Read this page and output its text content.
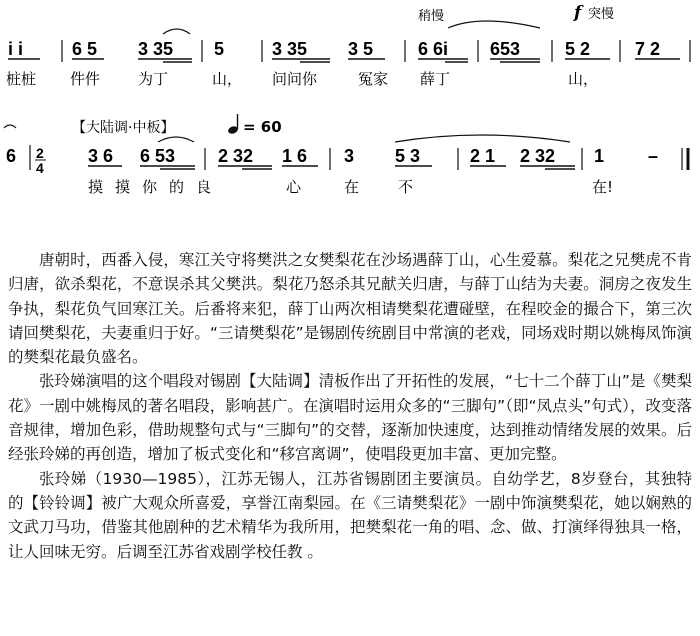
i i	6 5 3 35 5	3 35 3 5
稍慢
6 6i 653
f 突慢
5 2 7 2
桩桩 件件	为丁	山， 问问你	冤家 薛丁	山，
6 2
4
【大陆调·中板】	= 60
3 6 6 53 2 32 1 6 3 5 3	2 1 2 32 1 –
摸摸你的良	心	在	不	在!

唐朝时，西番入侵，寒江关守将樊洪之女樊梨花在沙场遇薛丁山，心生爱慕。梨花之兄樊虎不肯归唐，欲杀梨花，不意误杀其父樊洪。梨花乃怒杀其兄献关归唐，与薛丁山结为夫妻。洞房之夜发生争执，梨花负气回寒江关。后番将来犯，薛丁山两次相请樊梨花遭碰壁，在程咬金的撮合下，第三次请回樊梨花，夫妻重归于好。“三请樊梨花”是锡剧传统剧目中常演的老戏，同场戏时期以姚梅凤饰演的樊梨花最负盛名。

张玲娣演唱的这个唱段对锡剧【大陆调】清板作出了开拓性的发展，“七十二个薛丁山”是《樊梨花》一剧中姚梅凤的著名唱段，影响甚广。在演唱时运用众多的“三脚句”（即“凤点头”句式），改变落音规律，增加色彩，借助规整句式与“三脚句”的交替，逐渐加快速度，达到推动情绪发展的效果。后经张玲娣的再创造，增加了板式变化和“移宫离调”，使唱段更加丰富、更加完整。

张玲娣（1930—1985），江苏无锡人，江苏省锡剧团主要演员。自幼学艺，8岁登台，其独特的【铃铃调】被广大观众所喜爱，享誉江南梨园。在《三请樊梨花》一剧中饰演樊梨花，她以娴熟的文武刀马功，借鉴其他剧种的艺术精华为我所用，把樊梨花一角的唱、念、做、打演绎得独具一格，让人回味无穷。后调至江苏省戏剧学校任教 。
